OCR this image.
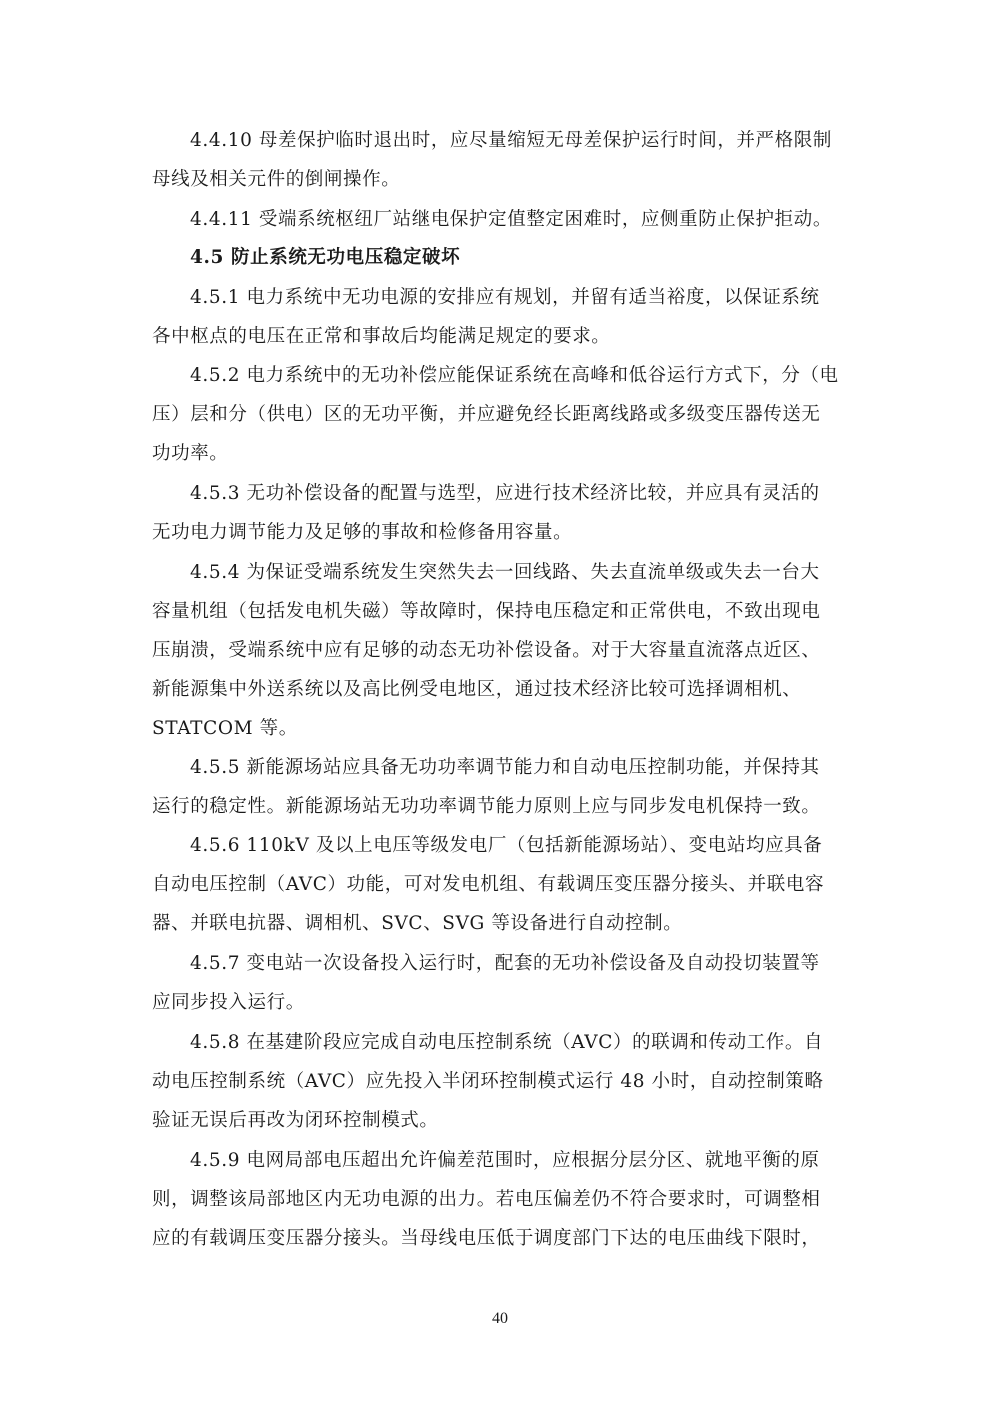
4.4.10 母差保护临时退出时，应尽量缩短无母差保护运行时间，并严格限制
母线及相关元件的倒闸操作。
4.4.11 受端系统枢纽厂站继电保护定值整定困难时，应侧重防止保护拒动。
4.5 防止系统无功电压稳定破坏
4.5.1 电力系统中无功电源的安排应有规划，并留有适当裕度，以保证系统
各中枢点的电压在正常和事故后均能满足规定的要求。
4.5.2 电力系统中的无功补偿应能保证系统在高峰和低谷运行方式下，分（电
压）层和分（供电）区的无功平衡，并应避免经长距离线路或多级变压器传送无
功功率。
4.5.3 无功补偿设备的配置与选型，应进行技术经济比较，并应具有灵活的
无功电力调节能力及足够的事故和检修备用容量。
4.5.4 为保证受端系统发生突然失去一回线路、失去直流单级或失去一台大
容量机组（包括发电机失磁）等故障时，保持电压稳定和正常供电，不致出现电
压崩溃，受端系统中应有足够的动态无功补偿设备。对于大容量直流落点近区、
新能源集中外送系统以及高比例受电地区，通过技术经济比较可选择调相机、
STATCOM 等。
4.5.5 新能源场站应具备无功功率调节能力和自动电压控制功能，并保持其
运行的稳定性。新能源场站无功功率调节能力原则上应与同步发电机保持一致。
4.5.6 110kV 及以上电压等级发电厂（包括新能源场站）、变电站均应具备
自动电压控制（AVC）功能，可对发电机组、有载调压变压器分接头、并联电容
器、并联电抗器、调相机、SVC、SVG 等设备进行自动控制。
4.5.7 变电站一次设备投入运行时，配套的无功补偿设备及自动投切装置等
应同步投入运行。
4.5.8 在基建阶段应完成自动电压控制系统（AVC）的联调和传动工作。自
动电压控制系统（AVC）应先投入半闭环控制模式运行 48 小时，自动控制策略
验证无误后再改为闭环控制模式。
4.5.9 电网局部电压超出允许偏差范围时，应根据分层分区、就地平衡的原
则，调整该局部地区内无功电源的出力。若电压偏差仍不符合要求时，可调整相
应的有载调压变压器分接头。当母线电压低于调度部门下达的电压曲线下限时，
40
